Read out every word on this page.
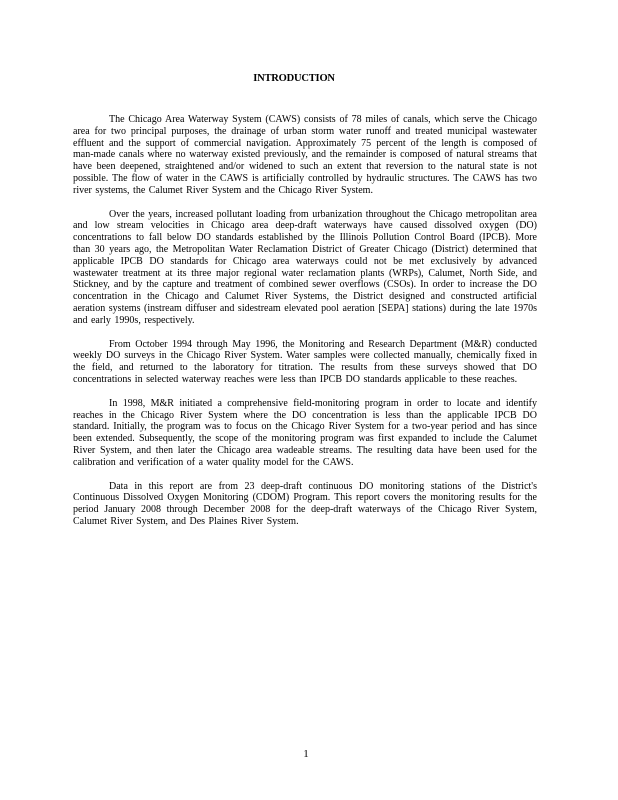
INTRODUCTION

The Chicago Area Waterway System (CAWS) consists of 78 miles of canals, which serve the Chicago area for two principal purposes, the drainage of urban storm water runoff and treated municipal wastewater effluent and the support of commercial navigation. Approximately 75 percent of the length is composed of man-made canals where no waterway existed previously, and the remainder is composed of natural streams that have been deepened, straightened and/or widened to such an extent that reversion to the natural state is not possible. The flow of water in the CAWS is artificially controlled by hydraulic structures. The CAWS has two river systems, the Calumet River System and the Chicago River System.

Over the years, increased pollutant loading from urbanization throughout the Chicago metropolitan area and low stream velocities in Chicago area deep-draft waterways have caused dissolved oxygen (DO) concentrations to fall below DO standards established by the Illinois Pollution Control Board (IPCB). More than 30 years ago, the Metropolitan Water Reclamation District of Greater Chicago (District) determined that applicable IPCB DO standards for Chicago area waterways could not be met exclusively by advanced wastewater treatment at its three major regional water reclamation plants (WRPs), Calumet, North Side, and Stickney, and by the capture and treatment of combined sewer overflows (CSOs). In order to increase the DO concentration in the Chicago and Calumet River Systems, the District designed and constructed artificial aeration systems (instream diffuser and sidestream elevated pool aeration [SEPA] stations) during the late 1970s and early 1990s, respectively.

From October 1994 through May 1996, the Monitoring and Research Department (M&R) conducted weekly DO surveys in the Chicago River System. Water samples were collected manually, chemically fixed in the field, and returned to the laboratory for titration. The results from these surveys showed that DO concentrations in selected waterway reaches were less than IPCB DO standards applicable to these reaches.

In 1998, M&R initiated a comprehensive field-monitoring program in order to locate and identify reaches in the Chicago River System where the DO concentration is less than the applicable IPCB DO standard. Initially, the program was to focus on the Chicago River System for a two-year period and has since been extended. Subsequently, the scope of the monitoring program was first expanded to include the Calumet River System, and then later the Chicago area wadeable streams. The resulting data have been used for the calibration and verification of a water quality model for the CAWS.

Data in this report are from 23 deep-draft continuous DO monitoring stations of the District's Continuous Dissolved Oxygen Monitoring (CDOM) Program. This report covers the monitoring results for the period January 2008 through December 2008 for the deep-draft waterways of the Chicago River System, Calumet River System, and Des Plaines River System.

1
